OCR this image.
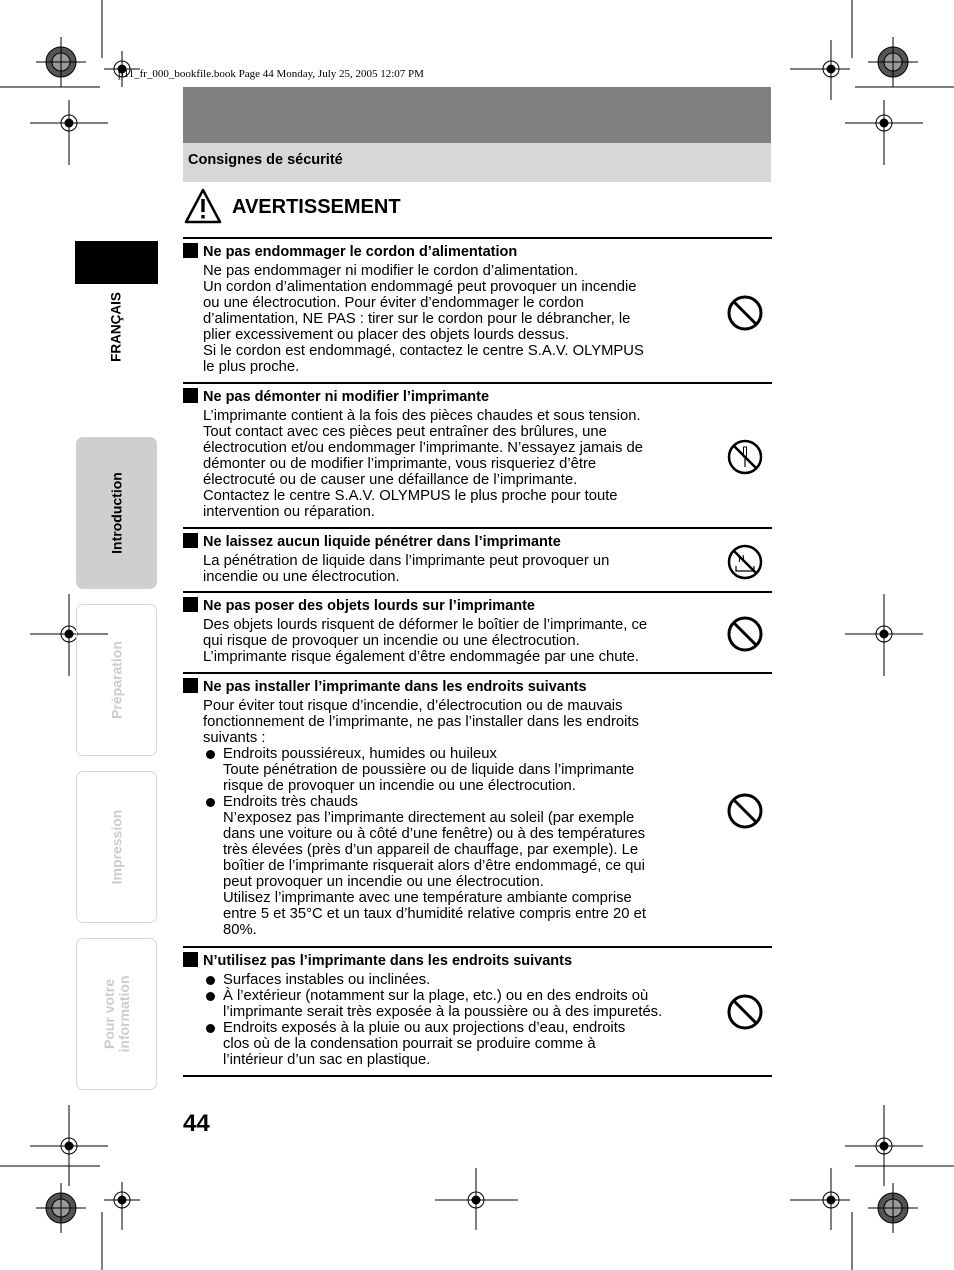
p11_fr_000_bookfile.book Page 44 Monday, July 25, 2005 12:07 PM
Consignes de sécurité
AVERTISSEMENT
FRANÇAIS
Introduction
Préparation
Impression
Pour votre
information
Ne pas endommager le cordon d’alimentation

Ne pas endommager ni modifier le cordon d’alimentation.

Un cordon d’alimentation endommagé peut provoquer un incendie

ou une électrocution. Pour éviter d’endommager le cordon

d’alimentation, NE PAS : tirer sur le cordon pour le débrancher, le

plier excessivement ou placer des objets lourds dessus.

Si le cordon est endommagé, contactez le centre S.A.V. OLYMPUS

le plus proche.

Ne pas démonter ni modifier l’imprimante

L’imprimante contient à la fois des pièces chaudes et sous tension.

Tout contact avec ces pièces peut entraîner des brûlures, une

électrocution et/ou endommager l’imprimante. N’essayez jamais de

démonter ou de modifier l’imprimante, vous risqueriez d’être

électrocuté ou de causer une défaillance de l’imprimante.

Contactez le centre S.A.V. OLYMPUS le plus proche pour toute

intervention ou réparation.

Ne laissez aucun liquide pénétrer dans l’imprimante

La pénétration de liquide dans l’imprimante peut provoquer un

incendie ou une électrocution.

Ne pas poser des objets lourds sur l’imprimante

Des objets lourds risquent de déformer le boîtier de l’imprimante, ce

qui risque de provoquer un incendie ou une électrocution.

L’imprimante risque également d’être endommagée par une chute.

Ne pas installer l’imprimante dans les endroits suivants

Pour éviter tout risque d’incendie, d’électrocution ou de mauvais

fonctionnement de l’imprimante, ne pas l’installer dans les endroits

suivants :

Endroits poussiéreux, humides ou huileux

Toute pénétration de poussière ou de liquide dans l’imprimante

risque de provoquer un incendie ou une électrocution.

Endroits très chauds

N’exposez pas l’imprimante directement au soleil (par exemple

dans une voiture ou à côté d’une fenêtre) ou à des températures

très élevées (près d’un appareil de chauffage, par exemple). Le

boîtier de l’imprimante risquerait alors d’être endommagé, ce qui

peut provoquer un incendie ou une électrocution.

Utilisez l’imprimante avec une température ambiante comprise

entre 5 et 35°C et un taux d’humidité relative compris entre 20 et

80%.

N’utilisez pas l’imprimante dans les endroits suivants

Surfaces instables ou inclinées.

À l’extérieur (notamment sur la plage, etc.) ou en des endroits où

l’imprimante serait très exposée à la poussière ou à des impuretés.

Endroits exposés à la pluie ou aux projections d’eau, endroits

clos où de la condensation pourrait se produire comme à

l’intérieur d’un sac en plastique.

44
